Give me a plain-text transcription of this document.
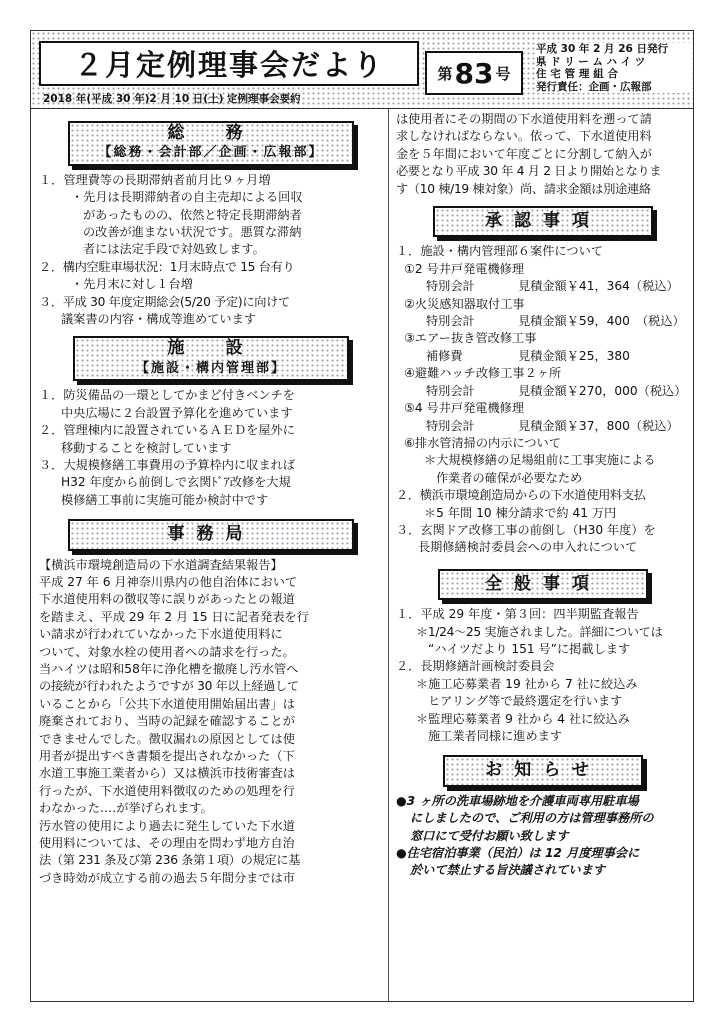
２月定例理事会だより
2018 年(平成 30 年)2 月 10 日(土) 定例理事会要約
第 83 号
平成 30 年 2 月 26 日発行
県ドリームハイツ
住宅管理組合
発行責任：企画・広報部
総　務
【総務・会計部／企画・広報部】
１．管理費等の長期滞納者前月比９ヶ月増
・先月は長期滞納者の自主売却による回収
があったものの、依然と特定長期滞納者
の改善が進まない状況です。悪質な滞納
者には法定手段で対処致します。
２．構内空駐車場状況：1月末時点で 15 台有り
・先月末に対し１台増
３．平成 30 年度定期総会(5/20 予定)に向けて
議案書の内容・構成等進めています
施　設
【施設・構内管理部】
１．防災備品の一環としてかまど付きベンチを
中央広場に２台設置予算化を進めています
２．管理棟内に設置されているＡＥＤを屋外に
移動することを検討しています
３．大規模修繕工事費用の予算枠内に収まれば
H32 年度から前倒しで玄関ﾄﾞｱ改修を大規
模修繕工事前に実施可能か検討中です
事務局
【横浜市環境創造局の下水道調査結果報告】
平成 27 年 6 月神奈川県内の他自治体において
下水道使用料の徴収等に誤りがあったとの報道
を踏まえ、平成 29 年 2 月 15 日に記者発表を行
い請求が行われていなかった下水道使用料に
ついて、対象水栓の使用者への請求を行った。
当ハイツは昭和58年に浄化槽を撤廃し汚水管へ
の接続が行われたようですが 30 年以上経過して
いることから「公共下水道使用開始届出書」は
廃棄されており、当時の記録を確認することが
できませんでした。徴収漏れの原因としては使
用者が提出すべき書類を提出されなかった（下
水道工事施工業者から）又は横浜市技術審査は
行ったが、下水道使用料徴収のための処理を行
わなかった‥‥が挙げられます。
汚水管の使用により過去に発生していた下水道
使用料については、その理由を問わず地方自治
法（第 231 条及び第 236 条第１項）の規定に基
づき時効が成立する前の過去５年間分までは市
は使用者にその期間の下水道使用料を遡って請
求しなければならない。依って、下水道使用料
金を５年間において年度ごとに分割して納入が
必要となり平成 30 年 4 月 2 日より開始となりま
す（10 棟/19 棟対象）尚、請求金額は別途連絡
承認事項
１．施設・構内管理部６案件について
①2 号井戸発電機修理
特別会計	見積金額￥41，364（税込）
②火災感知器取付工事
特別会計	見積金額￥59，400　（税込）
③エアー抜き管改修工事
補修費	見積金額￥25，380
④避難ハッチ改修工事２ヶ所
特別会計	見積金額￥270，000（税込）
⑤4 号井戸発電機修理
特別会計	見積金額￥37，800（税込）
⑥排水管清掃の内示について
＊大規模修繕の足場組前に工事実施による
作業者の確保が必要なため
２．横浜市環境創造局からの下水道使用料支払
＊5 年間 10 棟分請求で約 41 万円
３．玄関ドア改修工事の前倒し（H30 年度）を
長期修繕検討委員会への申入れについて
全般事項
１．平成 29 年度・第３回：四半期監査報告
＊1/24～25 実施されました。詳細については
“ハイツだより 151 号”に掲載します
２．長期修繕計画検討委員会
＊施工応募業者 19 社から 7 社に絞込み
ヒアリング等で最終選定を行います
＊監理応募業者 9 社から 4 社に絞込み
施工業者同様に進めます
お知らせ
●3 ヶ所の洗車場跡地を介護車両専用駐車場
にしましたので、ご利用の方は管理事務所の
窓口にて受付お願い致します
●住宅宿泊事業（民泊）は 12 月度理事会に
於いて禁止する旨決議されています
